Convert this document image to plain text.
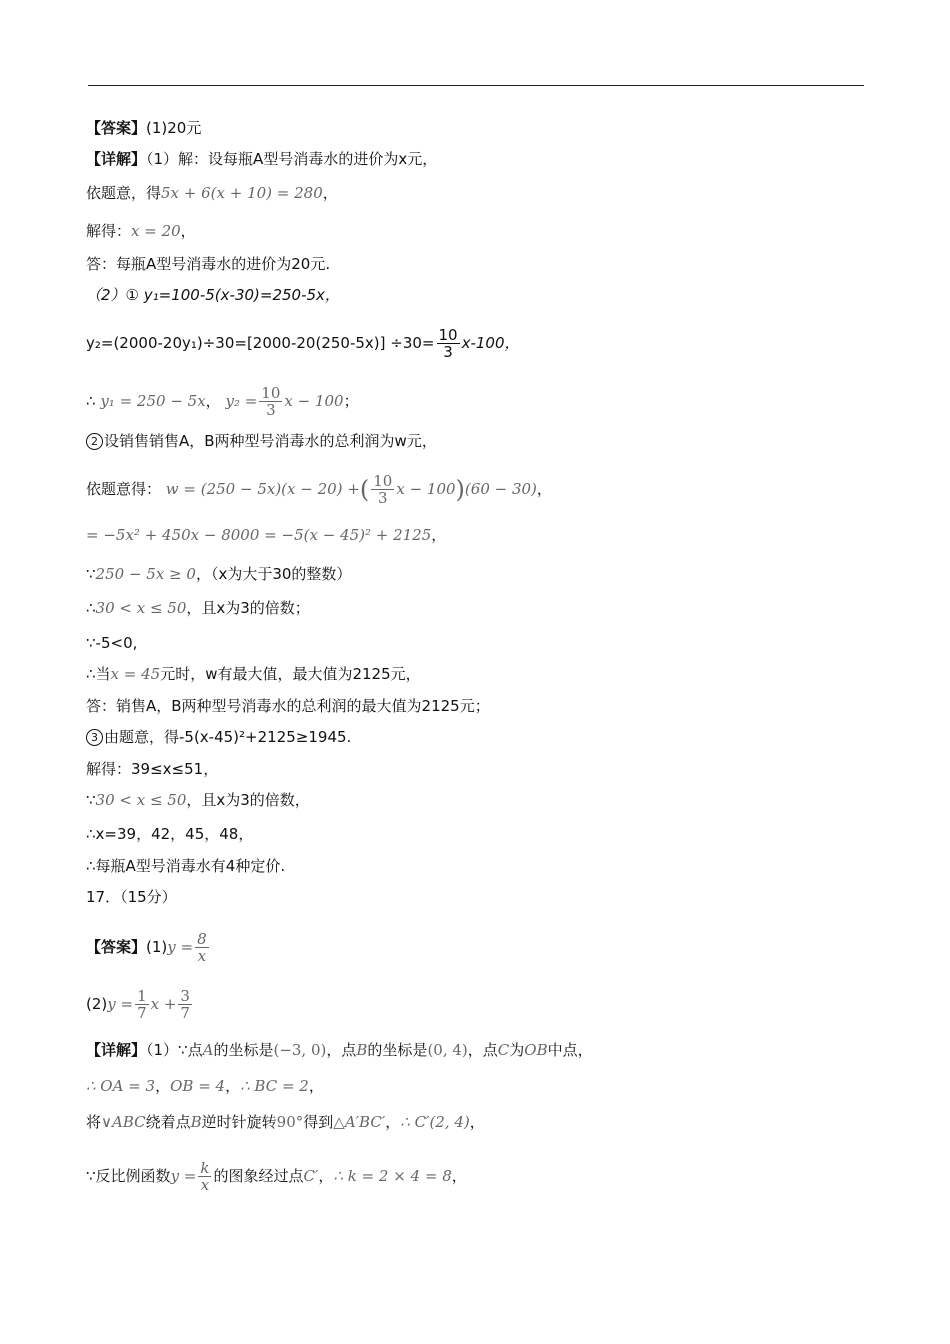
【答案】(1)20元
【详解】（1）解：设每瓶A型号消毒水的进价为x元，
依题意，得5x + 6(x + 10) = 280，
解得：x = 20，
答：每瓶A型号消毒水的进价为20元.
（2）① y₁=100-5(x-30)=250-5x，
$y_2=(2000-20y_1)\div 30=[2000-20(250-5x)] \div 30= \frac{10}{3} x-100$，
∴ y₁ = 250 − 5x， $y_2 = \frac{10}{3}$ x − 100；
2 设销售销售A，B两种型号消毒水的总利润为w元，
依题意得： w = (250 − 5x)(x − 20) +( $\frac{10}{3}$ x − 100)(60 − 30)，
= −5x² + 450x − 8000 = −5(x − 45)² + 2125，
∵250 − 5x ≥ 0，（x为大于30的整数）
∴30 < x ≤ 50，且x为3的倍数；
∵-5<0,
∴当x = 45元时，w有最大值，最大值为2125元，
答：销售A，B两种型号消毒水的总利润的最大值为2125元；
3 由题意，得-5(x-45)²+2125≥1945.
解得：39≤x≤51，
∵30 < x ≤ 50，且x为3的倍数，
∴x=39，42，45，48，
∴每瓶A型号消毒水有4种定价.
17．（15分）
【答案】$(1)y = \frac{8}{x}$
$(2)y = \frac{1}{7}$ $x + \frac{3}{7}$
【详解】（1）∵点A的坐标是(−3, 0)，点B的坐标是(0, 4)，点C为OB中点，
∴ OA = 3，OB = 4，∴ BC = 2，
将∨ABC绕着点B逆时针旋转90°得到△A′BC′，∴ C′(2, 4)，
∵反比例函数$y = \frac{k}{x}$ 的图象经过点C′，∴ k = 2 × 4 = 8，
